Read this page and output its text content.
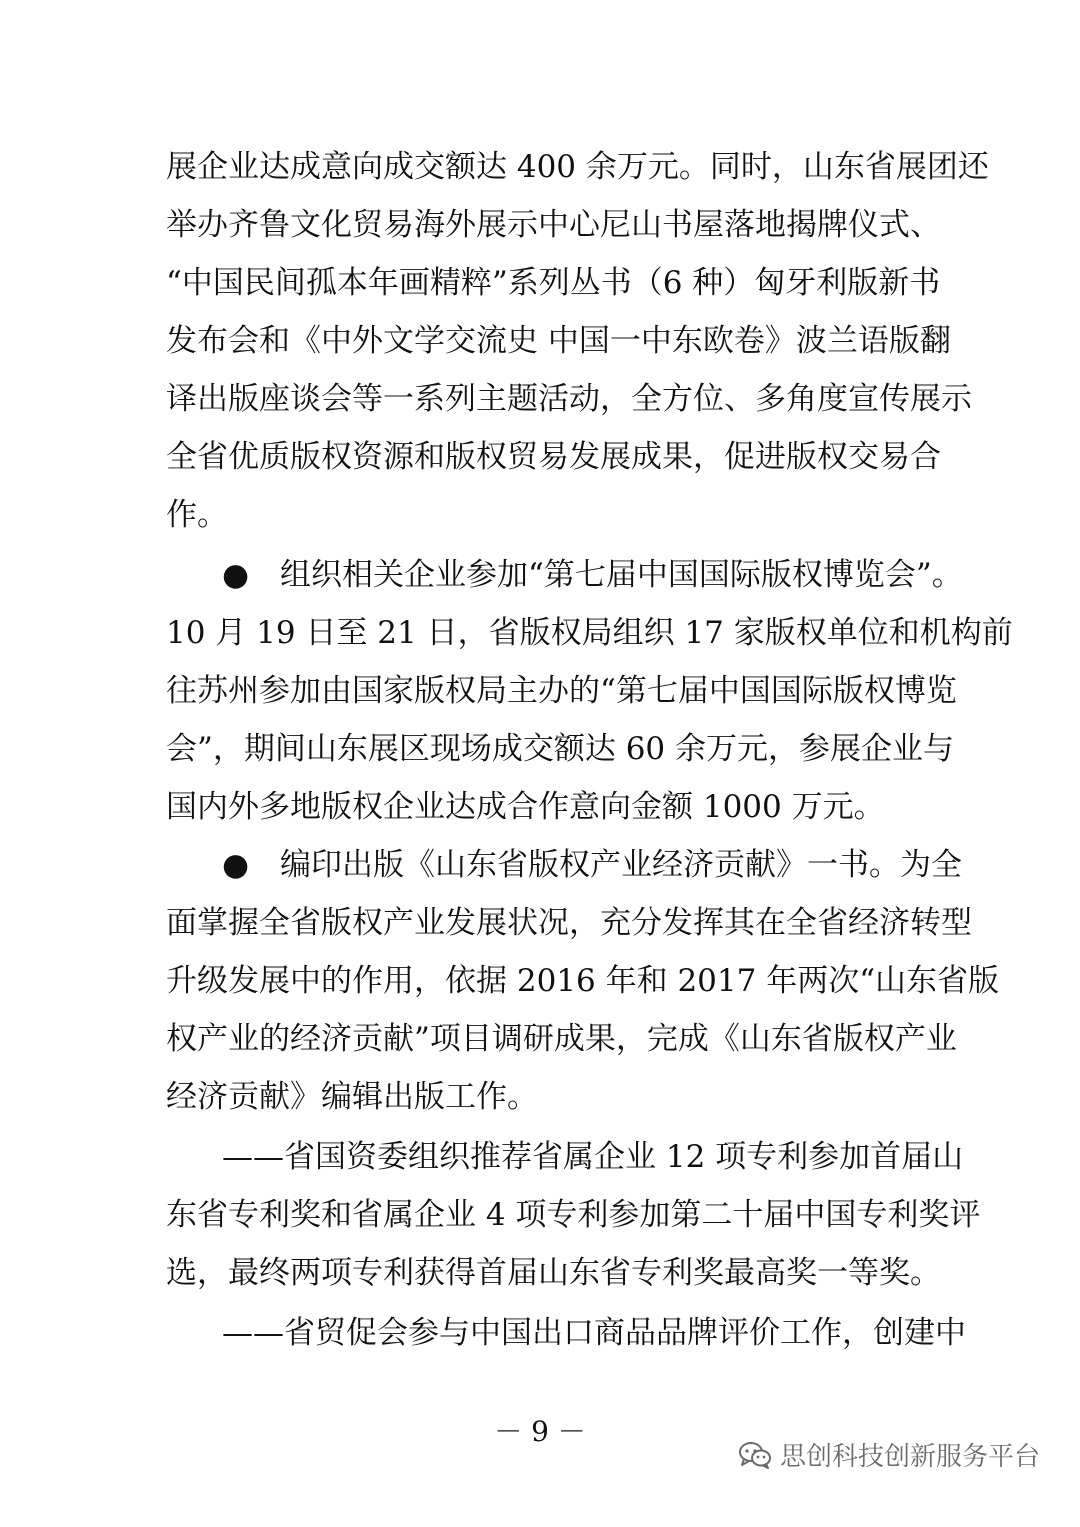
展企业达成意向成交额达 400 余万元。同时，山东省展团还
举办齐鲁文化贸易海外展示中心尼山书屋落地揭牌仪式、
“中国民间孤本年画精粹”系列丛书（6 种）匈牙利版新书
发布会和《中外文学交流史 中国一中东欧卷》波兰语版翻
译出版座谈会等一系列主题活动，全方位、多角度宣传展示
全省优质版权资源和版权贸易发展成果，促进版权交易合
作。
●　组织相关企业参加“第七届中国国际版权博览会”。
10 月 19 日至 21 日，省版权局组织 17 家版权单位和机构前
往苏州参加由国家版权局主办的“第七届中国国际版权博览
会”，期间山东展区现场成交额达 60 余万元，参展企业与
国内外多地版权企业达成合作意向金额 1000 万元。
●　编印出版《山东省版权产业经济贡献》一书。为全
面掌握全省版权产业发展状况，充分发挥其在全省经济转型
升级发展中的作用，依据 2016 年和 2017 年两次“山东省版
权产业的经济贡献”项目调研成果，完成《山东省版权产业
经济贡献》编辑出版工作。
——省国资委组织推荐省属企业 12 项专利参加首届山
东省专利奖和省属企业 4 项专利参加第二十届中国专利奖评
选，最终两项专利获得首届山东省专利奖最高奖一等奖。
——省贸促会参与中国出口商品品牌评价工作，创建中
－ 9 －
思创科技创新服务平台
